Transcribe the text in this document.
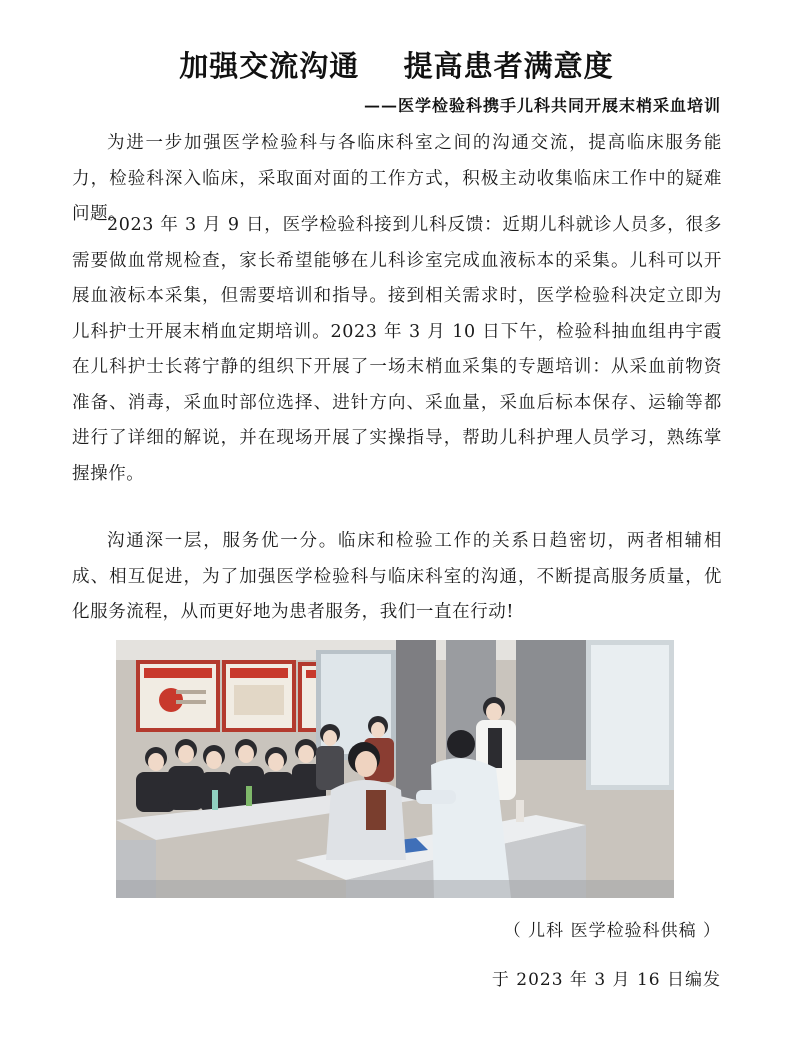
加强交流沟通    提高患者满意度
——医学检验科携手儿科共同开展末梢采血培训

为进一步加强医学检验科与各临床科室之间的沟通交流，提高临床服务能力，检验科深入临床，采取面对面的工作方式，积极主动收集临床工作中的疑难问题。

2023 年 3 月 9 日，医学检验科接到儿科反馈：近期儿科就诊人员多，很多需要做血常规检查，家长希望能够在儿科诊室完成血液标本的采集。儿科可以开展血液标本采集，但需要培训和指导。接到相关需求时，医学检验科决定立即为儿科护士开展末梢血定期培训。2023 年 3 月 10 日下午，检验科抽血组冉宇霞在儿科护士长蒋宁静的组织下开展了一场末梢血采集的专题培训：从采血前物资准备、消毒，采血时部位选择、进针方向、采血量，采血后标本保存、运输等都进行了详细的解说，并在现场开展了实操指导，帮助儿科护理人员学习，熟练掌握操作。

沟通深一层，服务优一分。临床和检验工作的关系日趋密切，两者相辅相成、相互促进，为了加强医学检验科与临床科室的沟通，不断提高服务质量，优化服务流程，从而更好地为患者服务，我们一直在行动!

（ 儿科 医学检验科供稿 ）
于 2023 年 3 月 16 日编发
